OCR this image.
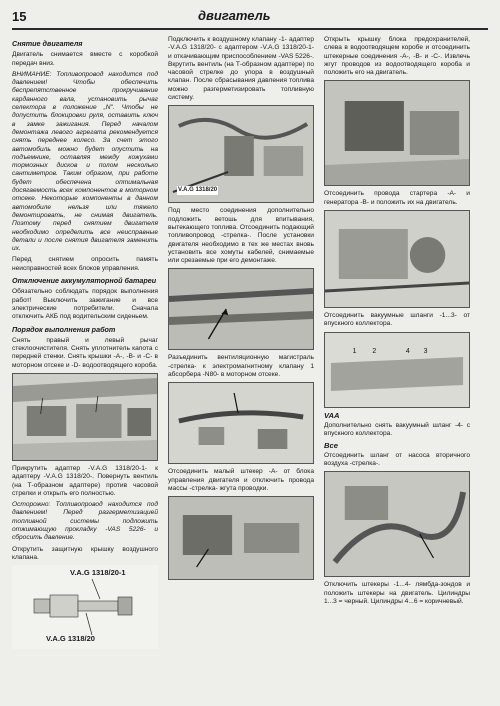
15	двигатель
Снятие двигателя

Двигатель снимается вместе с коробкой передач вниз.

ВНИМАНИЕ: Топливопровод находится под давлением! Чтобы обеспечить беспрепятственное прокручивание карданного вала, установить рычаг селектора в положение „N". Чтобы не допустить блокировки руля, оставить ключ в замке зажигания. Перед началом демонтажа левого агрегата рекомендуется снять переднее колесо. За счет этого автомобиль можно будет опустить на подъемнике, оставляя между кожухами тормозных дисков и полом несколько сантиметров. Таким образом, при работе будет обеспечена оптимальная досягаемость всех компонентов в моторном отсеке. Некоторые компоненты в данном автомобиле нельзя или тяжело демонтировать, не снимая двигатель. Поэтому перед снятием двигателя необходимо определить все неисправные детали и после снятия двигателя заменить их.

Перед снятием опросить память неисправностей всех блоков управления.

Отключение аккумуляторной батареи

Обязательно соблюдать порядок выполнения работ! Выключить зажигание и все электрические потребители. Сначала отключить АКБ под водительским сиденьем.

Порядок выполнения работ

Снять правый и левый рычаг стеклоочистителя. Снять уплотнитель капота с передней стенки. Снять крышки -А-, -В- и -С- в моторном отсеке и -D- водоотводящего короба.

Прикрутить адаптер -V.A.G 1318/20-1- к адаптеру -V.A.G 1318/20-. Повернуть вентиль (на Т-образном адаптере) против часовой стрелки и открыть его полностью.

Осторожно: Топливопровод находится под давлением! Перед разгерметизацией топливной системы подложить отжимающую прокладку -VAS 5226- и сбросить давление.

Открутить защитную крышку воздушного клапана.

V.A.G 1318/20-1
V.A.G 1318/20

Подключить к воздушному клапану -1- адаптер -V.A.G 1318/20- с адаптером -V.A.G 1318/20-1- и откачивающим приспособлением -VAS 5226-. Вкрутить вентиль (на Т-образном адаптере) по часовой стрелке до упора в воздушный клапан. После сбрасывания давления топлива можно разгерметизировать топливную систему.

V.A.G 1318/20

Под место соединения дополнительно подложить ветошь для впитывания, вытекающего топлива. Отсоединить подающий топливопровод -стрелка-. После установки двигателя необходимо в тех же местах вновь установить все хомуты кабелей, снимаемые или срезаемые при его демонтаже.

Разъединить вентиляционную магистраль -стрелка- к электромагнитному клапану 1 абсорбера -N80- в моторном отсеке.

Отсоединить малый штекер -А- от блока управления двигателя и отключить провода массы -стрелка- жгута проводки.

Открыть крышку блока предохранителей, слева в водоотводящем коробе и отсоединить штекерные соединения -А-, -В- и -С-. Извлечь жгут проводов из водоотводящего короба и положить его на двигатель.

Отсоединить провода стартера -А- и генератора -В- и положить их на двигатель.

Отсоединить вакуумные шланги -1...3- от впускного коллектора.

1 2	4 3
VAA

Дополнительно снять вакуумный шланг -4- с впускного коллектора.

Все

Отсоединить шланг от насоса вторичного воздуха -стрелка-.

Отключить штекеры -1...4- лямбда-зондов и положить штекеры на двигатель. Цилиндры 1...3 = черный. Цилиндры 4...6 = коричневый.
